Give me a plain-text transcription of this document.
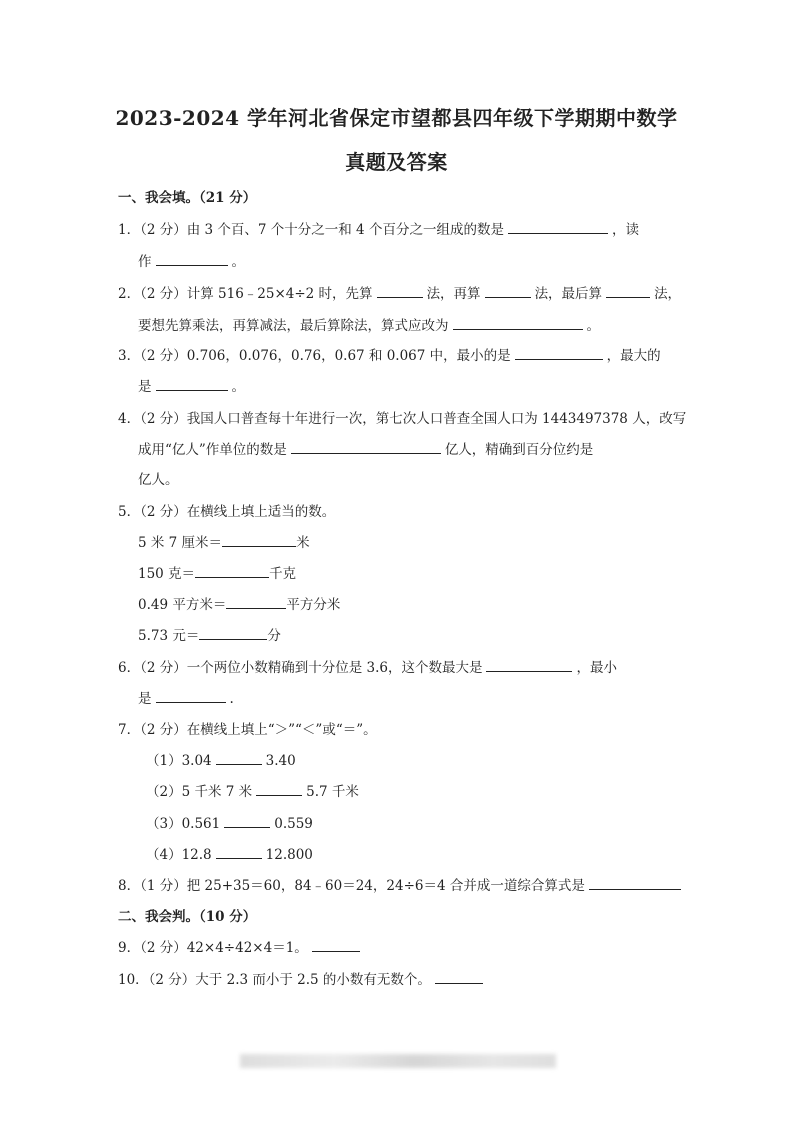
2023-2024 学年河北省保定市望都县四年级下学期期中数学
真题及答案
一、我会填。（21 分）
1．（2 分）由 3 个百、7 个十分之一和 4 个百分之一组成的数是	，读
作	。
2．（2 分）计算 516﹣25×4÷2 时，先算	法，再算	法，最后算	法，
要想先算乘法，再算减法，最后算除法，算式应改为	。
3．（2 分）0.706，0.076，0.76，0.67 和 0.067 中，最小的是	，最大的
是	。
4．（2 分）我国人口普查每十年进行一次，第七次人口普查全国人口为 1443497378 人，改写
成用“亿人”作单位的数是	亿人，精确到百分位约是
亿人。
5．（2 分）在横线上填上适当的数。
5 米 7 厘米＝	米
150 克＝	千克
0.49 平方米＝	平方分米
5.73 元＝	分
6．（2 分）一个两位小数精确到十分位是 3.6，这个数最大是	，最小
是	.
7．（2 分）在横线上填上“＞”“＜”或“＝”。
（1）3.04	3.40
（2）5 千米 7 米	5.7 千米
（3）0.561	0.559
（4）12.8	12.800
8．（1 分）把 25+35＝60，84﹣60＝24，24÷6＝4 合并成一道综合算式是
二、我会判。（10 分）
9．（2 分）42×4÷42×4＝1。
10．（2 分）大于 2.3 而小于 2.5 的小数有无数个。
